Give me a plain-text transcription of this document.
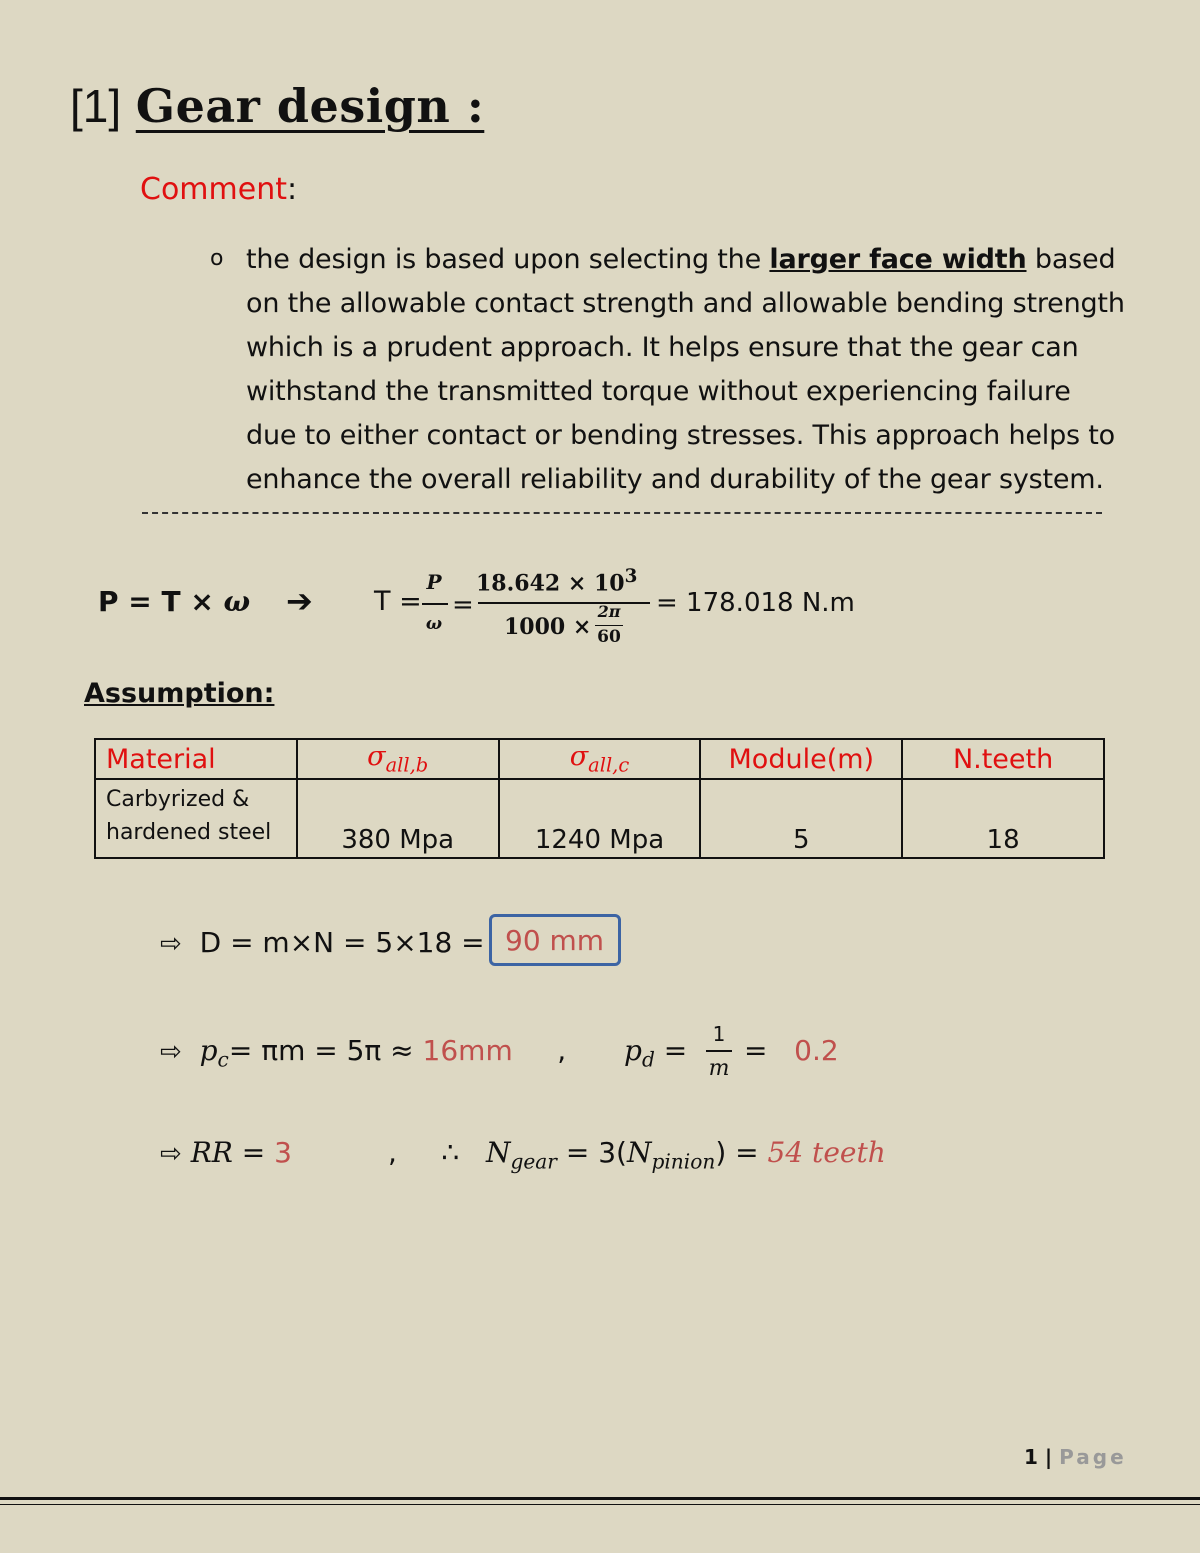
[1] Gear design :
Comment:
o the design is based upon selecting the larger face width based on the allowable contact strength and allowable bending strength which is a prudent approach. It helps ensure that the gear can withstand the transmitted torque without experiencing failure due to either contact or bending stresses. This approach helps to enhance the overall reliability and durability of the gear system.
P = T × ω ➔ T =
P
ω
=
$18.642 \times 10^3$
1000 ×
2π
60
= 178.018 N.m
Assumption:
Material	$\sigma_{all,b}$	$\sigma_{all,c}$	Module(m)	N.teeth

Carbyrized &
hardened steel	380 Mpa	1240 Mpa	5	18
⇨ D = m×N = 5×18 = 90 mm
⇨ $p_c= \pi m = 5\pi \approx 16mm$ , $p_d$ =	1
m
= 0.2
⇨ RR = 3	, ∴ $N_{gear} = 3(N_{pinion}) = 54$ teeth
1 | Page
